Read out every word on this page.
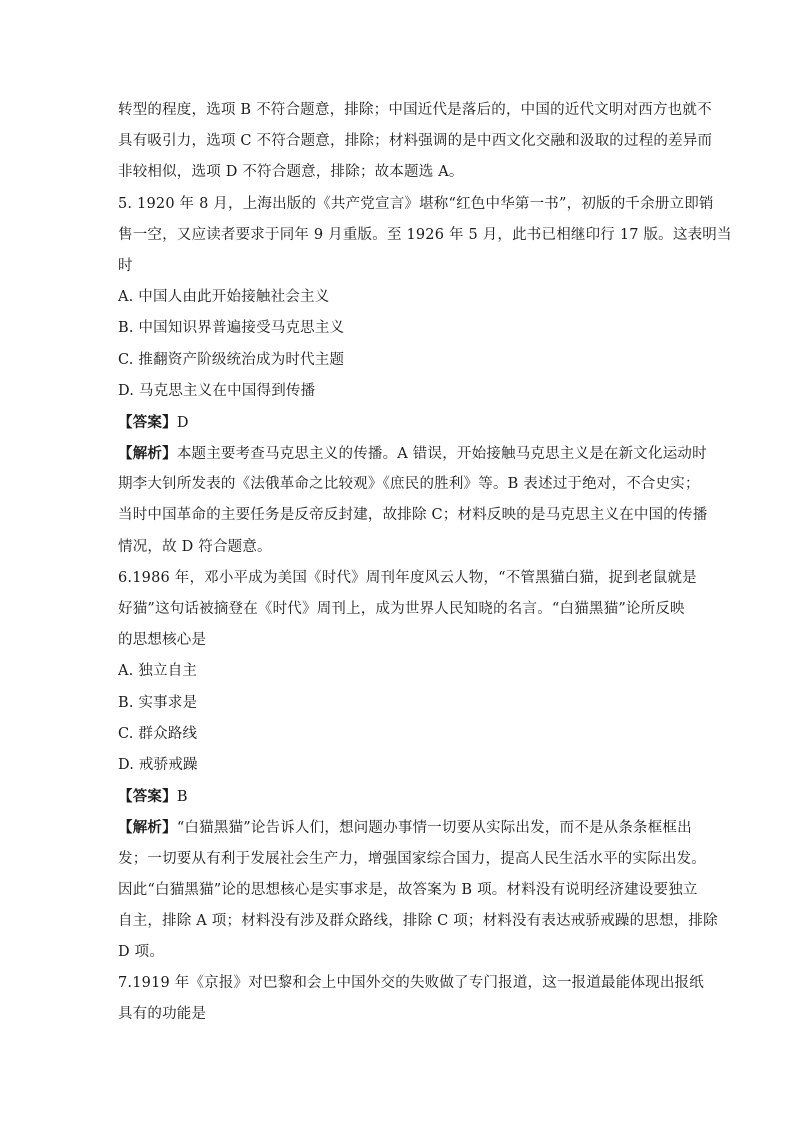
转型的程度，选项 B 不符合题意，排除；中国近代是落后的，中国的近代文明对西方也就不
具有吸引力，选项 C 不符合题意，排除；材料强调的是中西文化交融和汲取的过程的差异而
非较相似，选项 D 不符合题意，排除；故本题选 A。
5. 1920 年 8 月，上海出版的《共产党宣言》堪称“红色中华第一书”，初版的千余册立即销
售一空，又应读者要求于同年 9 月重版。至 1926 年 5 月，此书已相继印行 17 版。这表明当
时
A. 中国人由此开始接触社会主义
B. 中国知识界普遍接受马克思主义
C. 推翻资产阶级统治成为时代主题
D. 马克思主义在中国得到传播
【答案】D
【解析】本题主要考查马克思主义的传播。A 错误，开始接触马克思主义是在新文化运动时
期李大钊所发表的《法俄革命之比较观》《庶民的胜利》等。B 表述过于绝对，不合史实；
当时中国革命的主要任务是反帝反封建，故排除 C；材料反映的是马克思主义在中国的传播
情况，故 D 符合题意。
6.1986 年，邓小平成为美国《时代》周刊年度风云人物，“不管黑猫白猫，捉到老鼠就是
好猫”这句话被摘登在《时代》周刊上，成为世界人民知晓的名言。“白猫黑猫”论所反映
的思想核心是
A. 独立自主
B. 实事求是
C. 群众路线
D. 戒骄戒躁
【答案】B
【解析】“白猫黑猫”论告诉人们，想问题办事情一切要从实际出发，而不是从条条框框出
发；一切要从有利于发展社会生产力，增强国家综合国力，提高人民生活水平的实际出发。
因此“白猫黑猫”论的思想核心是实事求是，故答案为 B 项。材料没有说明经济建设要独立
自主，排除 A 项；材料没有涉及群众路线，排除 C 项；材料没有表达戒骄戒躁的思想，排除
D 项。
7.1919 年《京报》对巴黎和会上中国外交的失败做了专门报道，这一报道最能体现出报纸
具有的功能是
